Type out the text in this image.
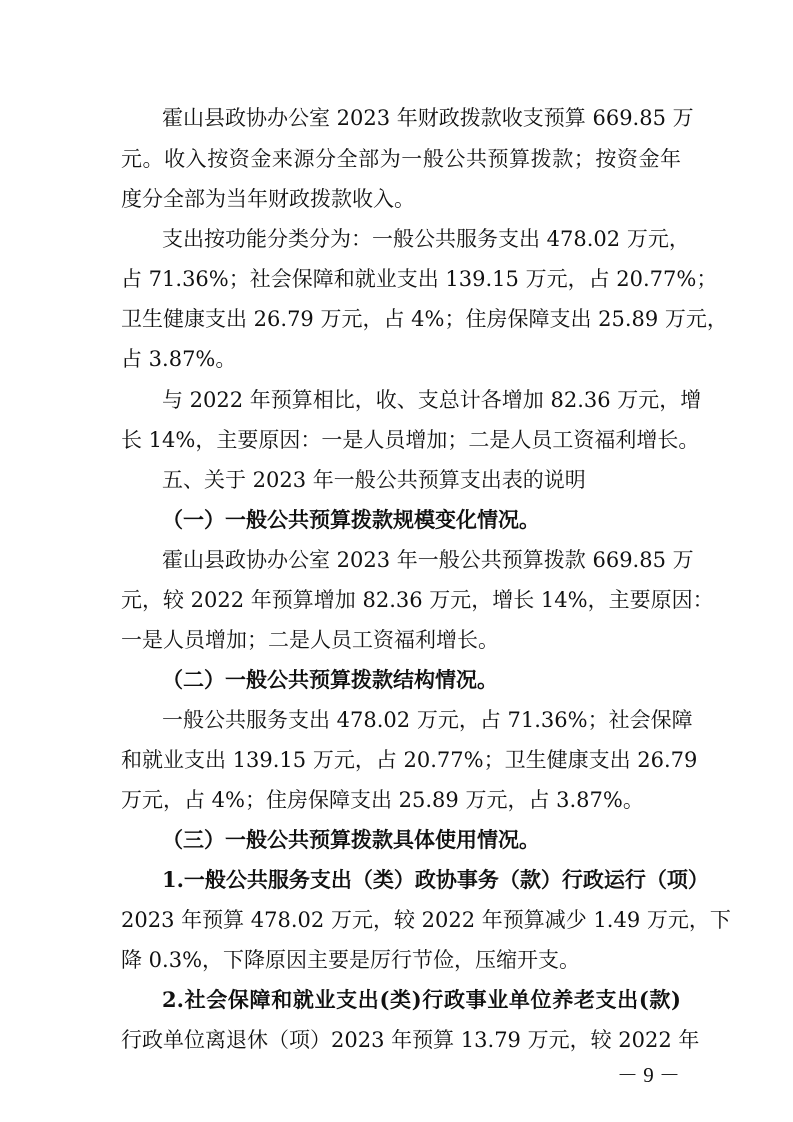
霍山县政协办公室 2023 年财政拨款收支预算 669.85 万
元。收入按资金来源分全部为一般公共预算拨款；按资金年
度分全部为当年财政拨款收入。
支出按功能分类分为：一般公共服务支出 478.02 万元，
占 71.36%；社会保障和就业支出 139.15 万元，占 20.77%；
卫生健康支出 26.79 万元，占 4%；住房保障支出 25.89 万元，
占 3.87%。
与 2022 年预算相比，收、支总计各增加 82.36 万元，增
长 14%，主要原因：一是人员增加；二是人员工资福利增长。
五、关于 2023 年一般公共预算支出表的说明
（一）一般公共预算拨款规模变化情况。
霍山县政协办公室 2023 年一般公共预算拨款 669.85 万
元，较 2022 年预算增加 82.36 万元，增长 14%，主要原因：
一是人员增加；二是人员工资福利增长。
（二）一般公共预算拨款结构情况。
一般公共服务支出 478.02 万元，占 71.36%；社会保障
和就业支出 139.15 万元，占 20.77%；卫生健康支出 26.79
万元，占 4%；住房保障支出 25.89 万元，占 3.87%。
（三）一般公共预算拨款具体使用情况。
1.一般公共服务支出（类）政协事务（款）行政运行（项）
2023 年预算 478.02 万元，较 2022 年预算减少 1.49 万元，下
降 0.3%，下降原因主要是厉行节俭，压缩开支。
2.社会保障和就业支出(类)行政事业单位养老支出(款)
行政单位离退休（项）2023 年预算 13.79 万元，较 2022 年
－ 9 －
